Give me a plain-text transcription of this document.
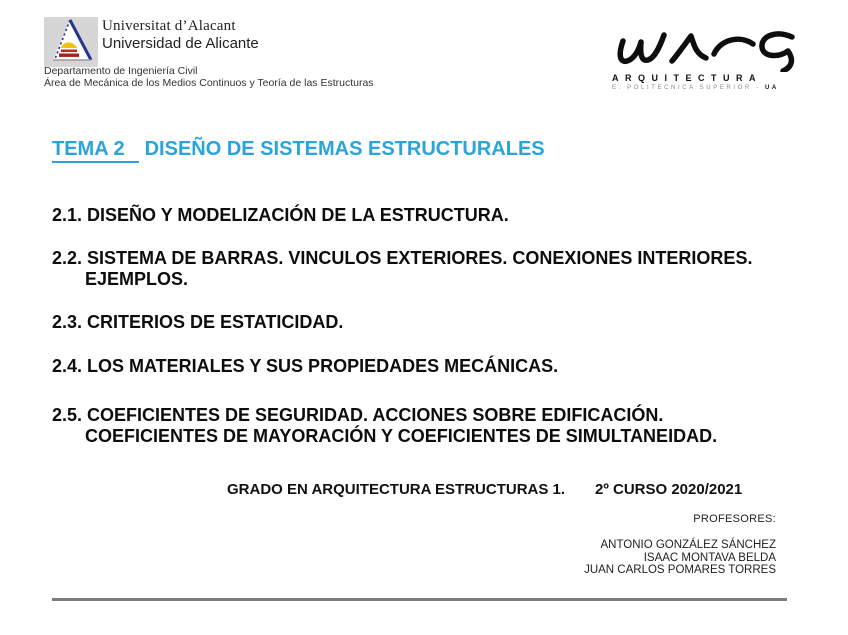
Universitat d’Alacant
Universidad de Alicante
Departamento de Ingeniería Civil
Área de Mecánica de los Medios Continuos y Teoría de las Estructuras	ARQUITECTURA
E. POLITECNICA SUPERIOR - UA
TEMA 2 DISEÑO DE SISTEMAS ESTRUCTURALES
2.1. DISEÑO Y MODELIZACIÓN DE LA ESTRUCTURA.
2.2. SISTEMA DE BARRAS. VINCULOS EXTERIORES. CONEXIONES INTERIORES.
EJEMPLOS.
2.3. CRITERIOS DE ESTATICIDAD.
2.4. LOS MATERIALES Y SUS PROPIEDADES MECÁNICAS.
2.5. COEFICIENTES DE SEGURIDAD. ACCIONES SOBRE EDIFICACIÓN.
COEFICIENTES DE MAYORACIÓN Y COEFICIENTES DE SIMULTANEIDAD.
GRADO EN ARQUITECTURA ESTRUCTURAS 1. 2º CURSO 2020/2021
PROFESORES:
ANTONIO GONZÁLEZ SÁNCHEZ
ISAAC MONTAVA BELDA
JUAN CARLOS POMARES TORRES
